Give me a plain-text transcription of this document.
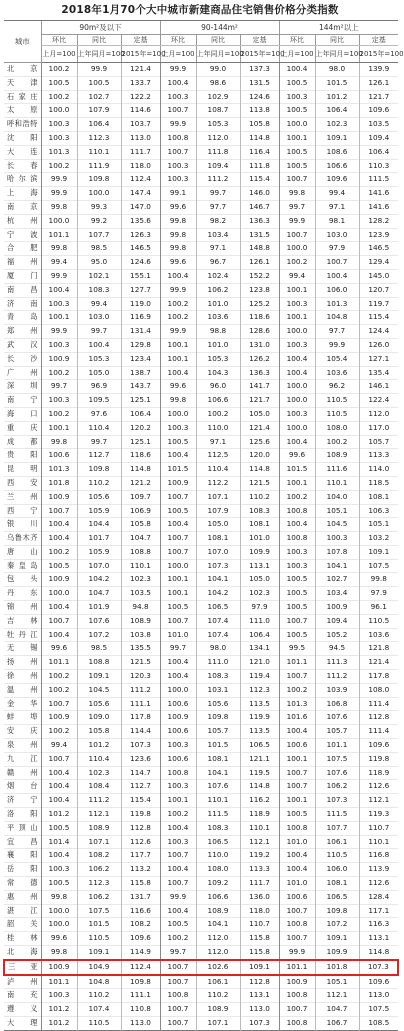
2018年1月70个大中城市新建商品住宅销售价格分类指数
城市	90m²及以下			90-144m²			144m²以上		
	环比	同比	定基	环比	同比	定基	环比	同比	定基
	上月=100	上年同月=100	2015年=100	上月=100	上年同月=100	2015年=100	上月=100	上年同月=100	2015年=100
北京	100.2	99.9	121.4	99.9	99.0	137.3	100.4	98.0	139.9
天津	100.5	100.5	133.7	100.4	98.6	131.5	100.5	101.5	126.1
石家庄	100.2	102.7	122.2	100.3	102.9	124.6	100.3	101.2	121.7
太原	100.0	107.9	114.6	100.7	108.7	113.8	100.5	106.4	109.6
呼和浩特	100.3	106.4	103.7	99.9	105.3	105.8	100.0	102.3	103.5
沈阳	100.3	112.3	113.0	100.8	112.0	114.8	100.1	109.1	109.4
大连	101.3	110.1	111.7	100.7	111.8	116.4	100.5	108.6	106.4
长春	100.2	111.9	118.0	100.3	109.4	111.8	100.5	106.6	110.3
哈尔滨	99.9	109.8	112.4	100.3	111.2	115.4	100.7	109.6	111.5
上海	99.9	100.0	147.4	99.1	99.7	146.0	99.8	99.4	141.6
南京	99.8	99.3	147.0	99.6	97.7	146.7	99.7	97.1	141.6
杭州	100.0	99.2	135.6	99.8	98.2	136.3	99.9	98.1	128.2
宁波	101.1	107.7	126.3	99.8	103.4	131.5	100.7	103.0	123.9
合肥	99.8	98.5	146.5	99.8	97.1	148.8	100.0	97.9	146.5
福州	99.4	95.0	124.6	99.6	96.7	126.1	100.2	100.7	129.4
厦门	99.9	102.1	155.1	100.4	102.4	152.2	99.4	100.4	145.0
南昌	100.4	108.3	127.7	99.9	106.2	123.8	100.1	106.0	120.7
济南	100.3	99.4	119.0	100.2	101.0	125.2	100.3	101.3	119.7
青岛	100.1	103.0	116.9	100.2	103.6	118.6	100.1	104.8	115.4
郑州	99.9	99.7	131.4	99.9	98.8	128.6	100.0	97.7	124.4
武汉	100.3	100.4	129.8	100.1	101.0	131.0	100.3	99.9	126.0
长沙	100.9	105.3	123.4	100.1	105.3	126.2	100.4	105.4	127.1
广州	100.2	105.0	138.7	100.4	104.3	136.3	100.4	103.6	135.4
深圳	99.7	96.9	143.7	99.6	96.0	141.7	100.0	96.2	146.1
南宁	100.3	109.5	125.1	99.8	106.6	121.7	100.0	110.5	122.4
海口	100.2	97.6	106.4	100.0	100.2	105.0	100.3	110.5	112.0
重庆	100.1	110.4	120.2	100.3	110.0	121.4	100.0	108.0	117.0
成都	99.8	99.7	125.1	100.5	97.1	125.6	100.4	100.2	105.7
贵阳	100.6	112.7	118.6	100.4	112.5	120.0	99.6	108.9	113.3
昆明	101.3	109.8	114.8	101.5	110.4	114.8	101.5	111.6	114.0
西安	101.8	110.2	121.2	100.9	112.2	121.5	100.1	110.1	118.5
兰州	100.9	105.6	109.7	100.7	107.1	110.2	100.2	104.0	108.1
西宁	100.7	105.9	106.9	100.5	107.9	108.3	100.8	105.1	106.3
银川	100.4	104.4	105.8	100.4	105.0	108.1	100.4	104.5	105.1
乌鲁木齐	100.4	101.7	104.7	100.7	108.1	101.0	100.8	100.3	103.2
唐山	100.2	105.9	108.8	100.7	107.0	109.9	100.3	107.8	109.1
秦皇岛	100.5	107.0	110.1	100.0	107.3	113.1	100.3	104.1	107.5
包头	100.9	104.2	102.3	100.1	104.1	105.0	100.5	102.7	99.8
丹东	100.0	104.7	103.5	100.1	104.2	102.3	100.5	103.4	97.9
锦州	100.4	101.9	94.8	100.5	106.5	97.9	100.5	100.9	96.1
吉林	100.7	107.6	108.9	100.7	107.4	111.0	100.7	109.4	110.5
牡丹江	100.4	107.2	103.8	101.0	107.4	106.4	100.5	105.2	103.6
无锡	99.6	98.5	135.5	99.7	98.0	134.1	99.5	94.5	121.8
扬州	101.1	108.8	121.5	100.4	111.0	121.0	101.1	111.3	121.4
徐州	100.2	109.1	120.3	100.4	108.3	119.4	100.7	111.2	117.8
温州	100.2	104.5	111.2	100.0	103.1	112.3	100.2	103.9	108.0
金华	100.7	105.6	111.1	100.6	105.6	113.5	101.3	106.8	111.4
蚌埠	100.9	109.0	117.8	100.9	109.8	119.9	101.6	107.6	112.8
安庆	100.2	105.8	114.4	100.6	105.7	113.5	100.4	105.7	111.4
泉州	99.4	101.2	107.3	100.3	101.5	106.5	100.6	101.1	109.6
九江	100.7	110.4	123.6	100.6	108.1	121.1	100.1	107.5	119.8
赣州	100.4	102.3	114.7	100.8	104.1	119.5	100.7	107.6	118.9
烟台	100.4	108.4	112.7	100.3	107.6	114.8	100.7	106.2	112.6
济宁	100.4	111.2	115.4	100.1	110.1	116.2	100.1	107.3	112.1
洛阳	101.2	112.1	119.8	100.2	111.5	118.9	100.5	111.5	119.3
平顶山	100.5	108.9	112.8	100.4	108.3	110.1	100.8	107.7	110.7
宜昌	101.4	107.1	112.6	100.3	106.5	112.1	101.0	106.1	110.1
襄阳	100.4	108.2	117.7	100.7	110.0	119.2	100.4	110.5	116.8
岳阳	100.3	106.2	113.2	100.4	108.0	113.3	100.4	106.0	113.9
常德	100.5	112.3	115.8	100.7	109.2	111.7	101.0	108.1	112.6
惠州	99.8	106.2	131.7	99.9	106.6	136.0	100.6	106.5	128.4
湛江	100.0	107.5	116.6	100.4	108.9	118.0	100.7	109.8	117.1
韶关	100.0	101.5	108.2	100.5	104.1	110.7	100.8	107.2	116.3
桂林	99.6	110.5	109.6	100.2	112.0	115.8	100.7	109.1	113.1
北海	99.8	109.1	114.9	99.7	112.0	115.8	99.9	109.9	114.8
三亚	100.9	104.9	112.4	100.7	102.6	109.1	101.1	101.8	107.3
泸州	101.1	104.8	109.8	100.7	106.1	112.8	100.9	105.1	109.6
南充	100.3	110.2	111.1	100.8	110.2	113.1	100.8	112.1	113.0
遵义	101.2	107.4	110.8	100.7	108.9	113.0	100.7	104.7	107.5
大理	101.2	110.5	113.0	100.7	107.1	107.3	100.8	106.7	108.5
